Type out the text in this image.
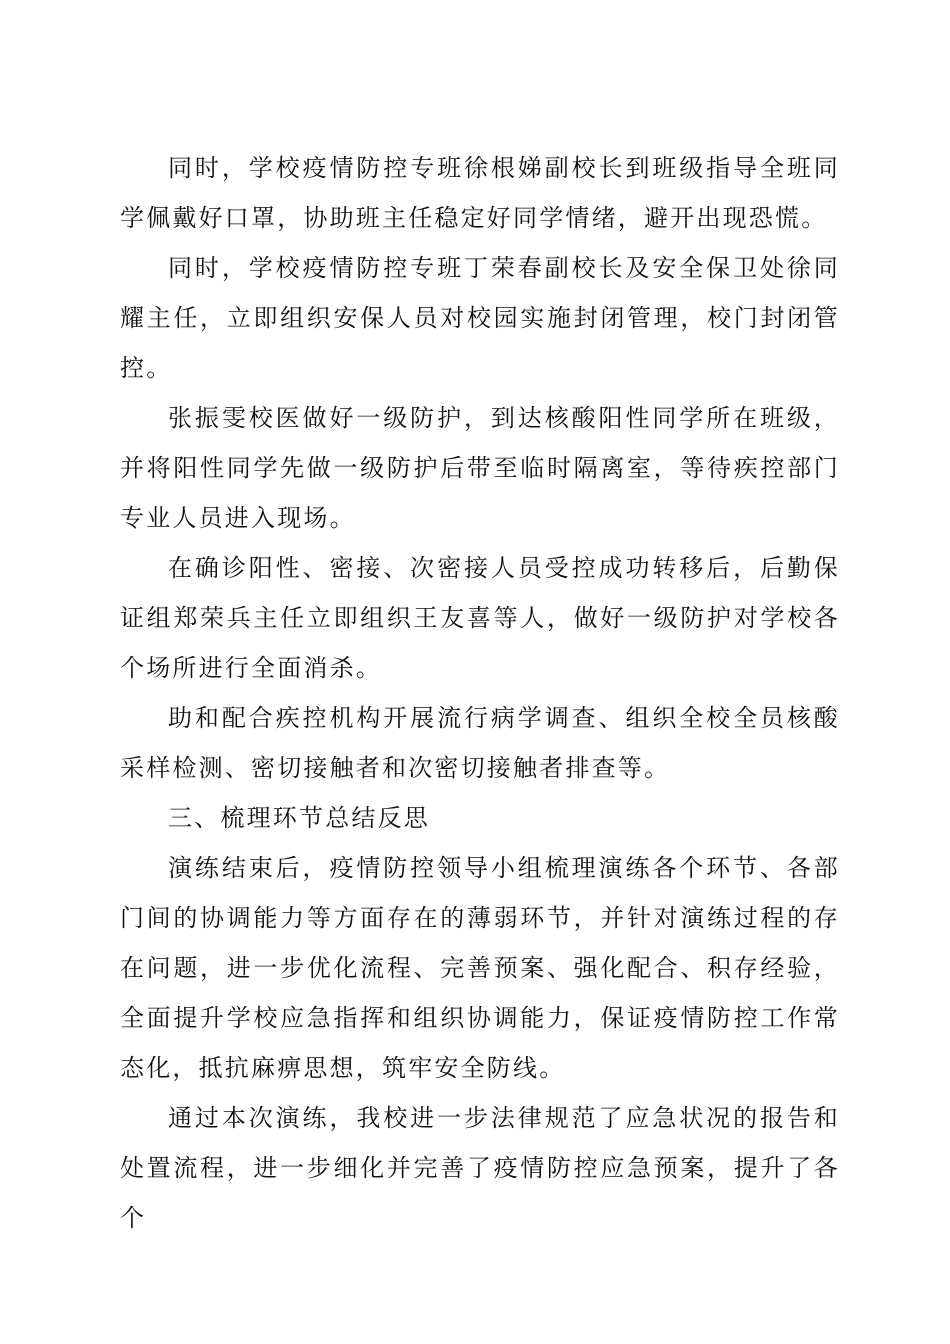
同时，学校疫情防控专班徐根娣副校长到班级指导全班同学佩戴好口罩，协助班主任稳定好同学情绪，避开出现恐慌。

同时，学校疫情防控专班丁荣春副校长及安全保卫处徐同耀主任，立即组织安保人员对校园实施封闭管理，校门封闭管控。

张振雯校医做好一级防护，到达核酸阳性同学所在班级，并将阳性同学先做一级防护后带至临时隔离室，等待疾控部门专业人员进入现场。

在确诊阳性、密接、次密接人员受控成功转移后，后勤保证组郑荣兵主任立即组织王友喜等人，做好一级防护对学校各个场所进行全面消杀。

助和配合疾控机构开展流行病学调查、组织全校全员核酸采样检测、密切接触者和次密切接触者排查等。

三、梳理环节总结反思

演练结束后，疫情防控领导小组梳理演练各个环节、各部门间的协调能力等方面存在的薄弱环节，并针对演练过程的存在问题，进一步优化流程、完善预案、强化配合、积存经验，全面提升学校应急指挥和组织协调能力，保证疫情防控工作常态化，抵抗麻痹思想，筑牢安全防线。

通过本次演练，我校进一步法律规范了应急状况的报告和处置流程，进一步细化并完善了疫情防控应急预案，提升了各个
